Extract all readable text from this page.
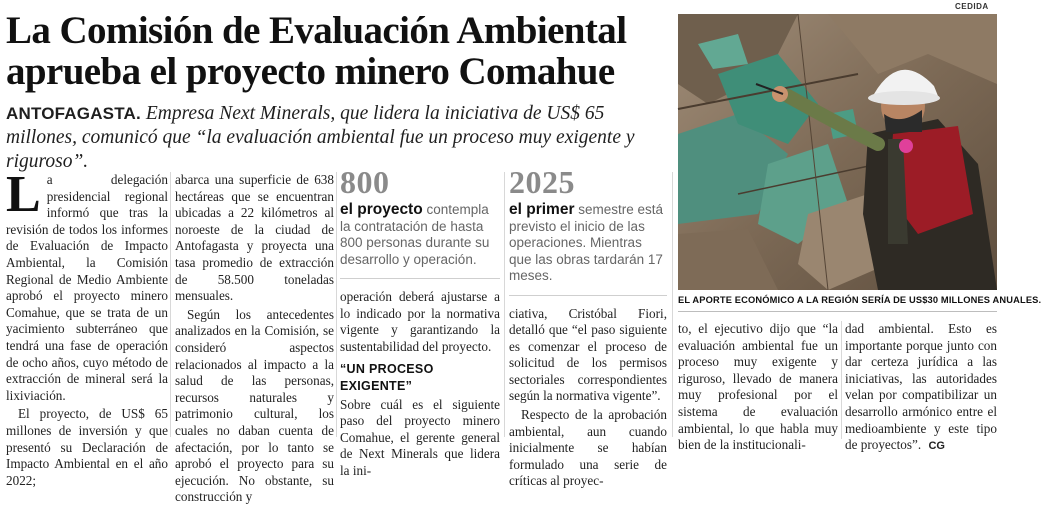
La Comisión de Evaluación Ambiental
aprueba el proyecto minero Comahue
ANTOFAGASTA. Empresa Next Minerals, que lidera la iniciativa de US$ 65 millones, comunicó que “la evaluación ambiental fue un proceso muy exigente y riguroso”.

L a delegación presidencial regional informó que tras la revisión de todos los informes de Evaluación de Impacto Ambiental, la Comisión Regional de Medio Ambiente aprobó el proyecto minero Comahue, que se trata de un yacimiento subterráneo que tendrá una fase de operación de ocho años, cuyo método de extracción de mineral será la lixiviación.

El proyecto, de US$ 65 millones de inversión y que presentó su Declaración de Impacto Ambiental en el año 2022;

abarca una superficie de 638 hectáreas que se encuentran ubicadas a 22 kilómetros al noroeste de la ciudad de Antofagasta y proyecta una tasa promedio de extracción de 58.500 toneladas mensuales.

Según los antecedentes analizados en la Comisión, se consideró aspectos relacionados al impacto a la salud de las personas, recursos naturales y patrimonio cultural, los cuales no daban cuenta de afectación, por lo tanto se aprobó el proyecto para su ejecución. No obstante, su construcción y

800
el proyecto contempla la contratación de hasta 800 personas durante su desarrollo y operación.

operación deberá ajustarse a lo indicado por la normativa vigente y garantizando la sustentabilidad del proyecto.

“UN PROCESO EXIGENTE”

Sobre cuál es el siguiente paso del proyecto minero Comahue, el gerente general de Next Minerals que lidera la ini-

2025
el primer semestre está previsto el inicio de las operaciones. Mientras que las obras tardarán 17 meses.

ciativa, Cristóbal Fiori, detalló que “el paso siguiente es comenzar el proceso de solicitud de los permisos sectoriales correspondientes según la normativa vigente”.

Respecto de la aprobación ambiental, aun cuando inicialmente se habían formulado una serie de críticas al proyec-

CEDIDA
EL APORTE ECONÓMICO A LA REGIÓN SERÍA DE US$30 MILLONES ANUALES.

to, el ejecutivo dijo que “la evaluación ambiental fue un proceso muy exigente y riguroso, llevado de manera muy profesional por el sistema de evaluación ambiental, lo que habla muy bien de la institucionali-

dad ambiental. Esto es importante porque junto con dar certeza jurídica a las iniciativas, las autoridades velan por compatibilizar un desarrollo armónico entre el medioambiente y este tipo de proyectos”. CG
